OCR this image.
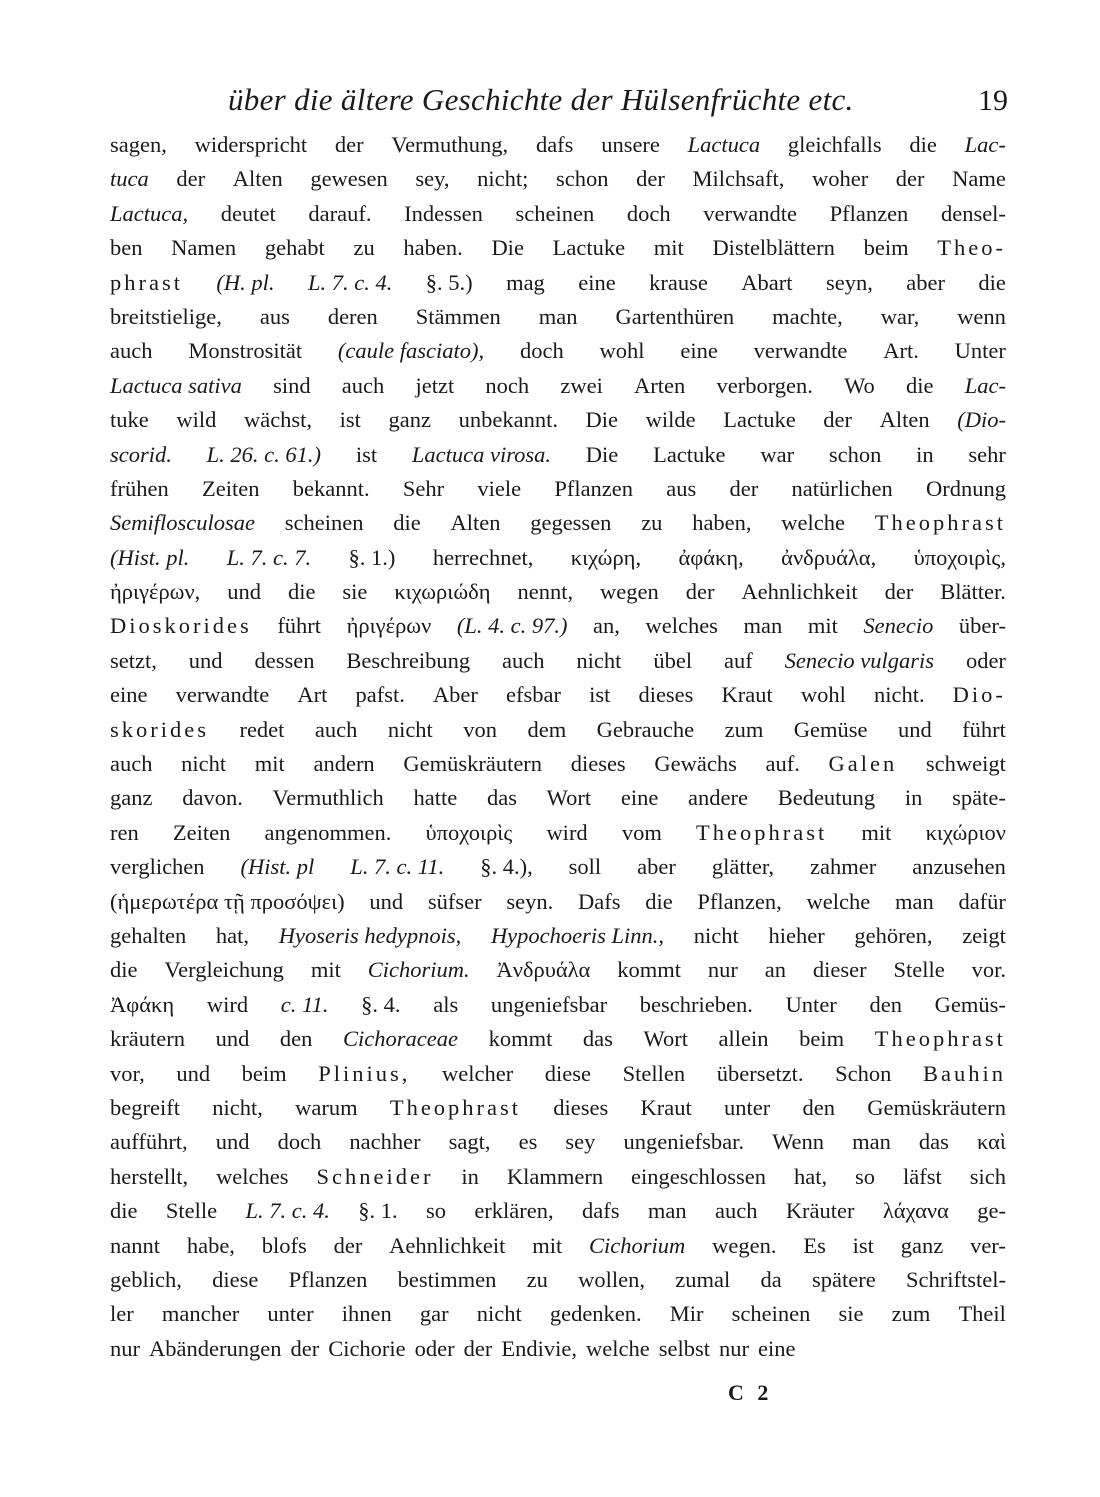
über die ältere Geschichte der Hülsenfrüchte etc.	19
sagen, widerspricht der Vermuthung, dafs unsere Lactuca gleichfalls die Lac-
tuca der Alten gewesen sey, nicht; schon der Milchsaft, woher der Name
Lactuca, deutet darauf. Indessen scheinen doch verwandte Pflanzen densel-
ben Namen gehabt zu haben. Die Lactuke mit Distelblättern beim Theo-
phrast (H. pl. L. 7. c. 4. §. 5.) mag eine krause Abart seyn, aber die
breitstielige, aus deren Stämmen man Gartenthüren machte, war, wenn
auch Monstrosität (caule fasciato), doch wohl eine verwandte Art. Unter
Lactuca sativa sind auch jetzt noch zwei Arten verborgen. Wo die Lac-
tuke wild wächst, ist ganz unbekannt. Die wilde Lactuke der Alten (Dio-
scorid. L. 26. c. 61.) ist Lactuca virosa. Die Lactuke war schon in sehr
frühen Zeiten bekannt. Sehr viele Pflanzen aus der natürlichen Ordnung
Semiflosculosae scheinen die Alten gegessen zu haben, welche Theophrast
(Hist. pl. L. 7. c. 7. §. 1.) herrechnet, κιχώρη, ἀφάκη, ἀνδρυάλα, ὑποχοιρὶς,
ἠριγέρων, und die sie κιχωριώδη nennt, wegen der Aehnlichkeit der Blätter.
Dioskorides führt ἠριγέρων (L. 4. c. 97.) an, welches man mit Senecio über-
setzt, und dessen Beschreibung auch nicht übel auf Senecio vulgaris oder
eine verwandte Art pafst. Aber efsbar ist dieses Kraut wohl nicht. Dio-
skorides redet auch nicht von dem Gebrauche zum Gemüse und führt
auch nicht mit andern Gemüskräutern dieses Gewächs auf. Galen schweigt
ganz davon. Vermuthlich hatte das Wort eine andere Bedeutung in späte-
ren Zeiten angenommen. ὑποχοιρὶς wird vom Theophrast mit κιχώριον
verglichen (Hist. pl L. 7. c. 11. §. 4.), soll aber glätter, zahmer anzusehen
(ἡμερωτέρα τῇ προσόψει) und süfser seyn. Dafs die Pflanzen, welche man dafür
gehalten hat, Hyoseris hedypnois, Hypochoeris Linn., nicht hieher gehören, zeigt
die Vergleichung mit Cichorium. Ἀνδρυάλα kommt nur an dieser Stelle vor.
Ἀφάκη wird c. 11. §. 4. als ungeniefsbar beschrieben. Unter den Gemüs-
kräutern und den Cichoraceae kommt das Wort allein beim Theophrast
vor, und beim Plinius, welcher diese Stellen übersetzt. Schon Bauhin
begreift nicht, warum Theophrast dieses Kraut unter den Gemüskräutern
aufführt, und doch nachher sagt, es sey ungeniefsbar. Wenn man das καὶ
herstellt, welches Schneider in Klammern eingeschlossen hat, so läfst sich
die Stelle L. 7. c. 4. §. 1. so erklären, dafs man auch Kräuter λάχανα ge-
nannt habe, blofs der Aehnlichkeit mit Cichorium wegen. Es ist ganz ver-
geblich, diese Pflanzen bestimmen zu wollen, zumal da spätere Schriftstel-
ler mancher unter ihnen gar nicht gedenken. Mir scheinen sie zum Theil
nur Abänderungen der Cichorie oder der Endivie, welche selbst nur eine
C 2
